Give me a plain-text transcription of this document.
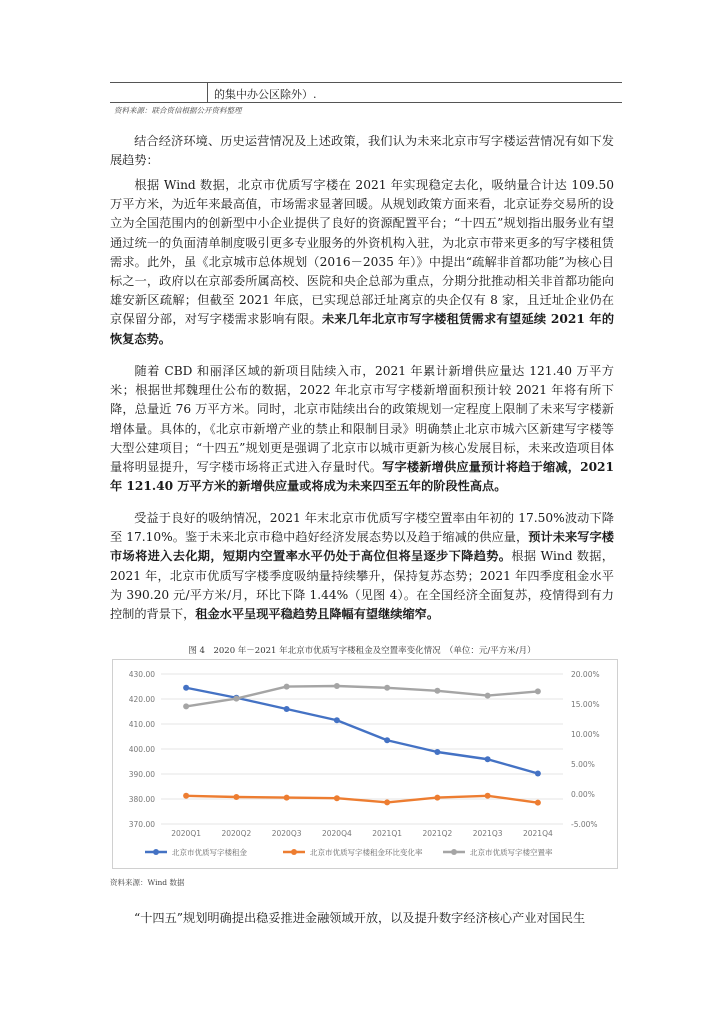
的集中办公区除外）.
资料来源：联合资信根据公开资料整理
结合经济环境、历史运营情况及上述政策，我们认为未来北京市写字楼运营情况有如下发展趋势：
根据 Wind 数据，北京市优质写字楼在 2021 年实现稳定去化，吸纳量合计达 109.50 万平方米，为近年来最高值，市场需求显著回暖。从规划政策方面来看，北京证券交易所的设立为全国范围内的创新型中小企业提供了良好的资源配置平台；“十四五”规划指出服务业有望通过统一的负面清单制度吸引更多专业服务的外资机构入驻，为北京市带来更多的写字楼租赁需求。此外，虽《北京城市总体规划（2016－2035 年）》中提出“疏解非首都功能”为核心目标之一，政府以在京部委所属高校、医院和央企总部为重点，分期分批推动相关非首都功能向雄安新区疏解；但截至 2021 年底，已实现总部迁址离京的央企仅有 8 家，且迁址企业仍在京保留分部，对写字楼需求影响有限。未来几年北京市写字楼租赁需求有望延续 2021 年的恢复态势。
随着 CBD 和丽泽区域的新项目陆续入市，2021 年累计新增供应量达 121.40 万平方米；根据世邦魏理仕公布的数据，2022 年北京市写字楼新增面积预计较 2021 年将有所下降，总量近 76 万平方米。同时，北京市陆续出台的政策规划一定程度上限制了未来写字楼新增体量。具体的，《北京市新增产业的禁止和限制目录》明确禁止北京市城六区新建写字楼等大型公建项目；“十四五”规划更是强调了北京市以城市更新为核心发展目标，未来改造项目体量将明显提升，写字楼市场将正式进入存量时代。写字楼新增供应量预计将趋于缩减，2021 年 121.40 万平方米的新增供应量或将成为未来四至五年的阶段性高点。
受益于良好的吸纳情况，2021 年末北京市优质写字楼空置率由年初的 17.50%波动下降至 17.10%。鉴于未来北京市稳中趋好经济发展态势以及趋于缩减的供应量，预计未来写字楼市场将进入去化期，短期内空置率水平仍处于高位但将呈逐步下降趋势。根据 Wind 数据，2021 年，北京市优质写字楼季度吸纳量持续攀升，保持复苏态势；2021 年四季度租金水平为 390.20 元/平方米/月，环比下降 1.44%（见图 4）。在全国经济全面复苏，疫情得到有力控制的背景下，租金水平呈现平稳趋势且降幅有望继续缩窄。
图 4　2020 年－2021 年北京市优质写字楼租金及空置率变化情况　（单位：元/平方米/月）
370.00
380.00
390.00
400.00
410.00
420.00
430.00
-5.00%
0.00%
5.00%
10.00%
15.00%
20.00%
2020Q1	2020Q2	2020Q3	2020Q4	2021Q1	2021Q2	2021Q3	2021Q4
北京市优质写字楼租金	北京市优质写字楼租金环比变化率	北京市优质写字楼空置率
资料来源：Wind 数据
“十四五”规划明确提出稳妥推进金融领域开放，以及提升数字经济核心产业对国民生
